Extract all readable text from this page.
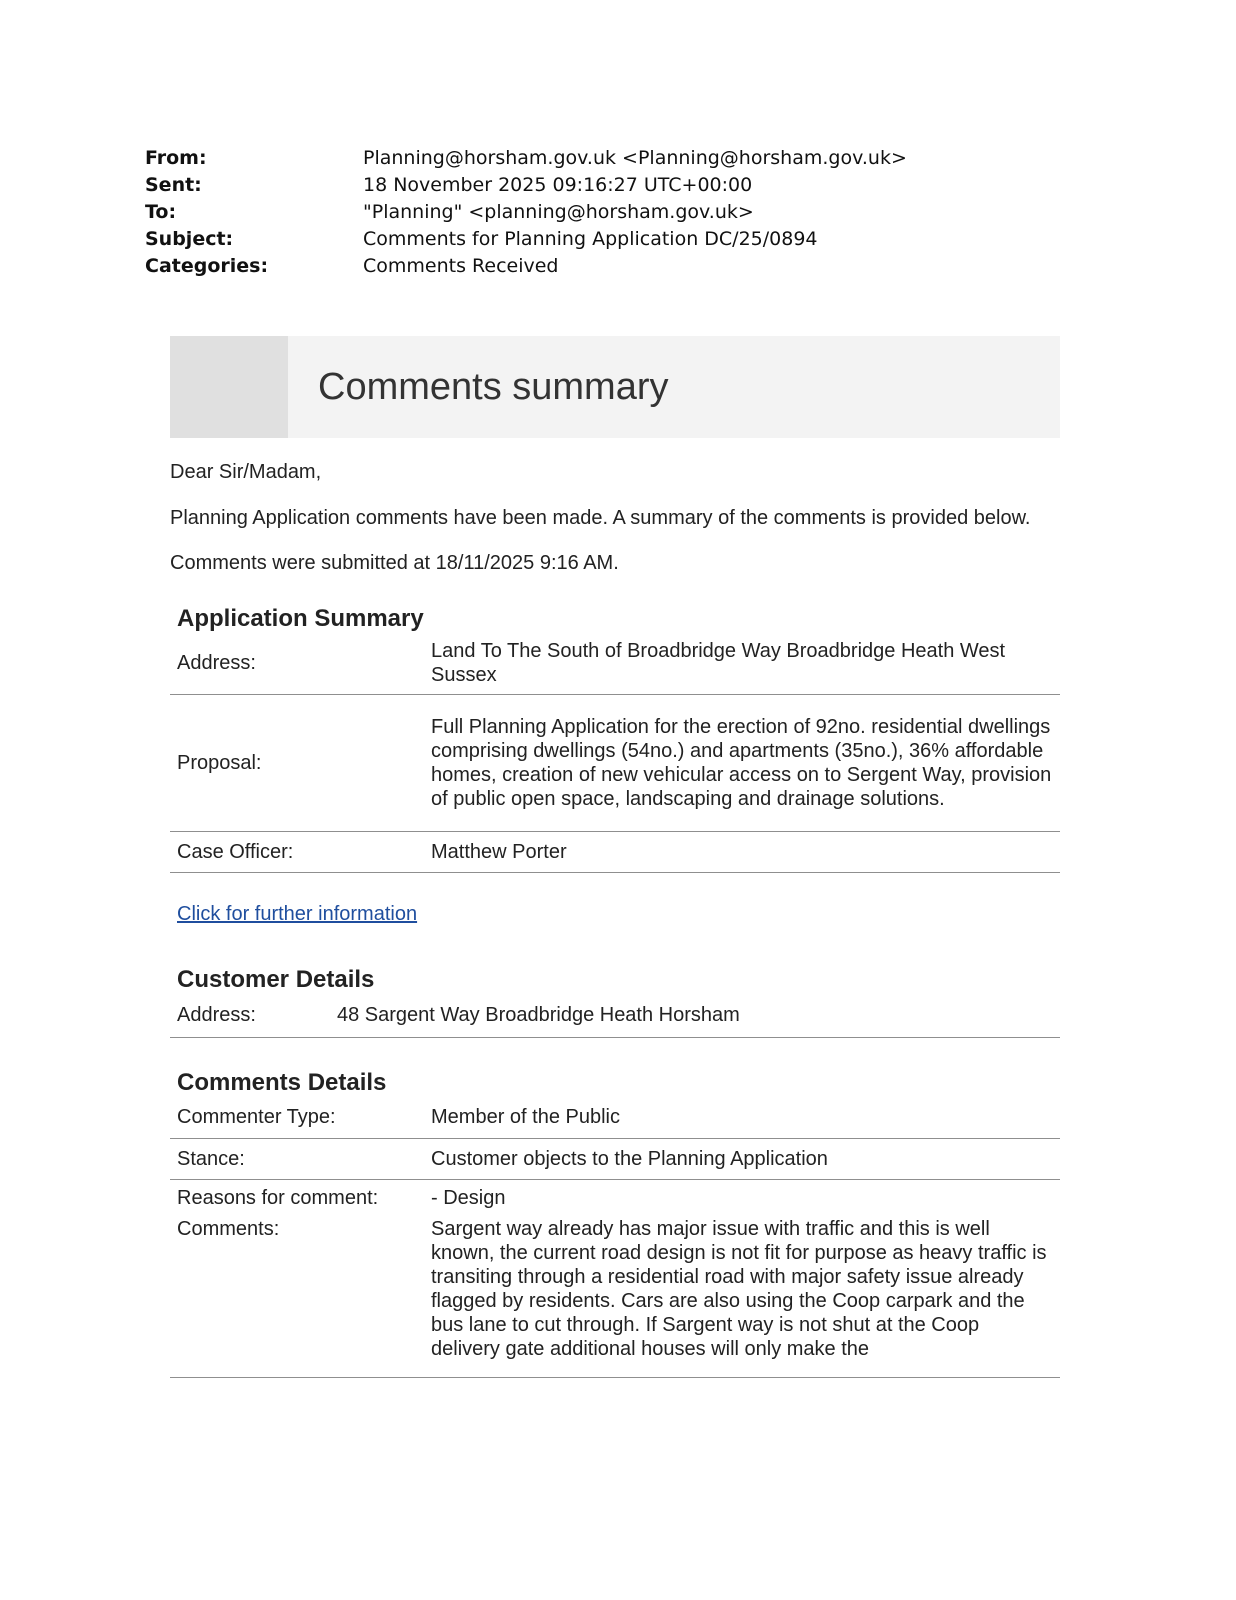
From:	Planning@horsham.gov.uk <Planning@horsham.gov.uk>
Sent:	18 November 2025 09:16:27 UTC+00:00
To:	"Planning" <planning@horsham.gov.uk>
Subject:	Comments for Planning Application DC/25/0894
Categories:	Comments Received
Comments summary

Dear Sir/Madam,

Planning Application comments have been made. A summary of the comments is provided below.

Comments were submitted at 18/11/2025 9:16 AM.

Application Summary
Address:	Land To The South of Broadbridge Way Broadbridge Heath West Sussex
Proposal:	Full Planning Application for the erection of 92no. residential dwellings comprising dwellings (54no.) and apartments (35no.), 36% affordable homes, creation of new vehicular access on to Sergent Way, provision of public open space, landscaping and drainage solutions.
Case Officer:	Matthew Porter
Click for further information
Customer Details
Address:	48 Sargent Way Broadbridge Heath Horsham
Comments Details
Commenter Type:	Member of the Public
Stance:	Customer objects to the Planning Application
Reasons for comment:	- Design
Comments:	Sargent way already has major issue with traffic and this is well known, the current road design is not fit for purpose as heavy traffic is transiting through a residential road with major safety issue already flagged by residents. Cars are also using the Coop carpark and the bus lane to cut through. If Sargent way is not shut at the Coop delivery gate additional houses will only make the
